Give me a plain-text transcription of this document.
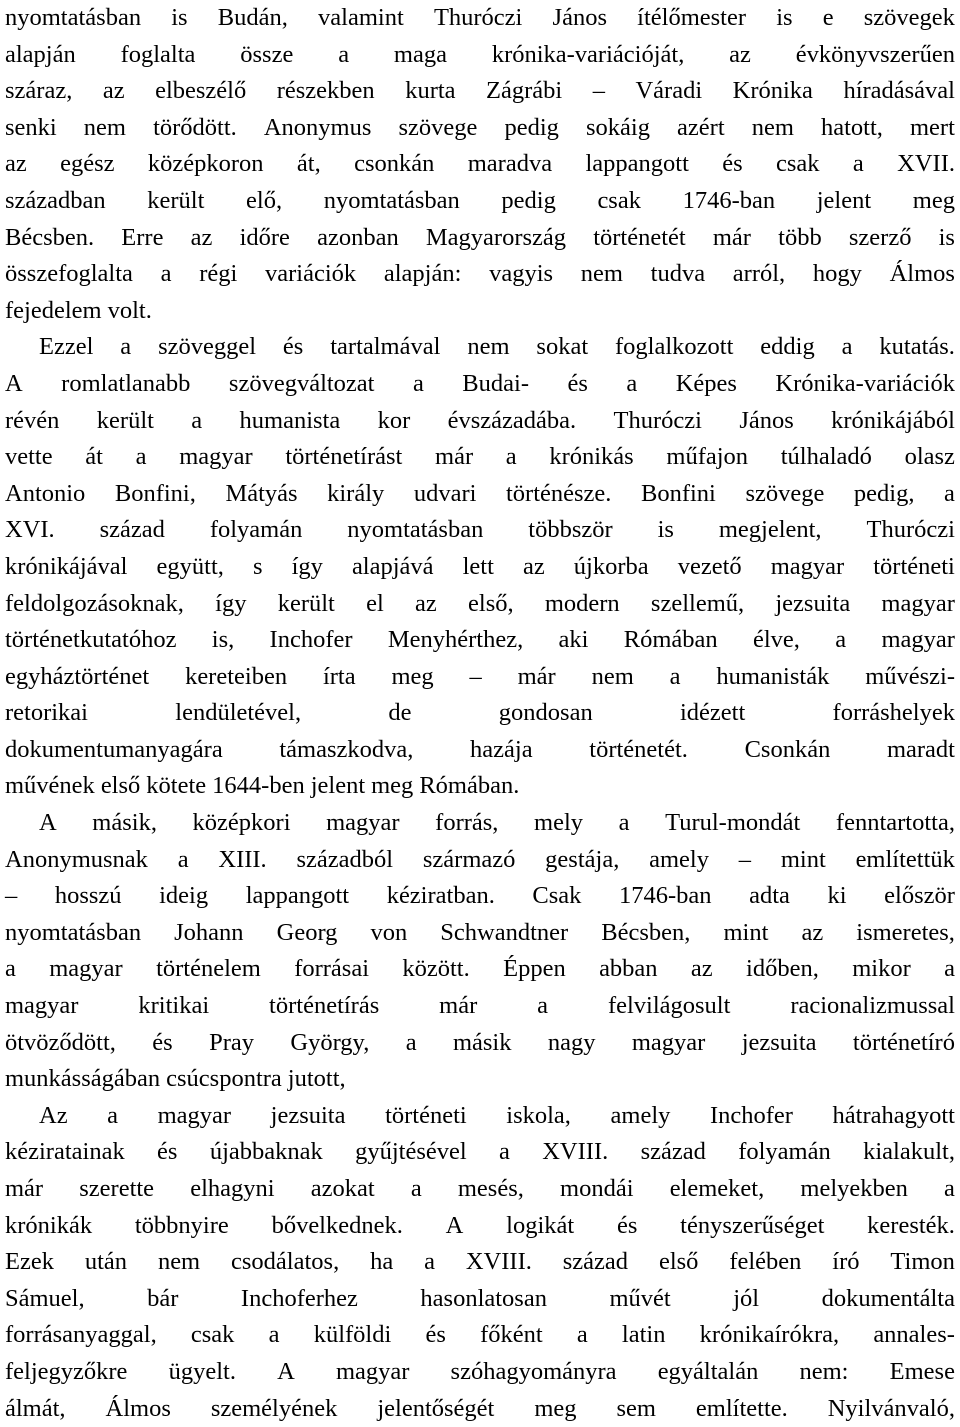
nyomtatásban is Budán, valamint Thuróczi János ítélőmester is e szövegek
alapján foglalta össze a maga krónika-variációját, az évkönyvszerűen
száraz, az elbeszélő részekben kurta Zágrábi – Váradi Krónika híradásával
senki nem törődött. Anonymus szövege pedig sokáig azért nem hatott, mert
az egész középkoron át, csonkán maradva lappangott és csak a XVII.
században került elő, nyomtatásban pedig csak 1746-ban jelent meg
Bécsben. Erre az időre azonban Magyarország történetét már több szerző is
összefoglalta a régi variációk alapján: vagyis nem tudva arról, hogy Álmos
fejedelem volt.
Ezzel a szöveggel és tartalmával nem sokat foglalkozott eddig a kutatás.
A romlatlanabb szövegváltozat a Budai- és a Képes Krónika-variációk
révén került a humanista kor évszázadába. Thuróczi János krónikájából
vette át a magyar történetírást már a krónikás műfajon túlhaladó olasz
Antonio Bonfini, Mátyás király udvari történésze. Bonfini szövege pedig, a
XVI. század folyamán nyomtatásban többször is megjelent, Thuróczi
krónikájával együtt, s így alapjává lett az újkorba vezető magyar történeti
feldolgozásoknak, így került el az első, modern szellemű, jezsuita magyar
történetkutatóhoz is, Inchofer Menyhérthez, aki Rómában élve, a magyar
egyháztörténet kereteiben írta meg – már nem a humanisták művészi-
retorikai	lendületével,	de	gondosan	idézett	forráshelyek
dokumentumanyagára támaszkodva, hazája történetét. Csonkán maradt
művének első kötete 1644-ben jelent meg Rómában.
A másik, középkori magyar forrás, mely a Turul-mondát fenntartotta,
Anonymusnak a XIII. századból származó gestája, amely – mint említettük
– hosszú ideig lappangott kéziratban. Csak 1746-ban adta ki először
nyomtatásban Johann Georg von Schwandtner Bécsben, mint az ismeretes,
a magyar történelem forrásai között. Éppen abban az időben, mikor a
magyar kritikai történetírás már a felvilágosult racionalizmussal
ötvöződött, és Pray György, a másik nagy magyar jezsuita történetíró
munkásságában csúcspontra jutott,
Az a magyar jezsuita történeti iskola, amely Inchofer hátrahagyott
kéziratainak és újabbaknak gyűjtésével a XVIII. század folyamán kialakult,
már szerette elhagyni azokat a mesés, mondái elemeket, melyekben a
krónikák többnyire bővelkednek. A logikát és tényszerűséget keresték.
Ezek után nem csodálatos, ha a XVIII. század első felében író Timon
Sámuel,	bár	Inchoferhez	hasonlatosan	művét	jól	dokumentálta
forrásanyaggal, csak a külföldi és főként a latin krónikaírókra, annales-
feljegyzőkre ügyelt. A magyar szóhagyományra egyáltalán nem: Emese
álmát, Álmos személyének jelentőségét meg sem említette. Nyilvánvaló,
